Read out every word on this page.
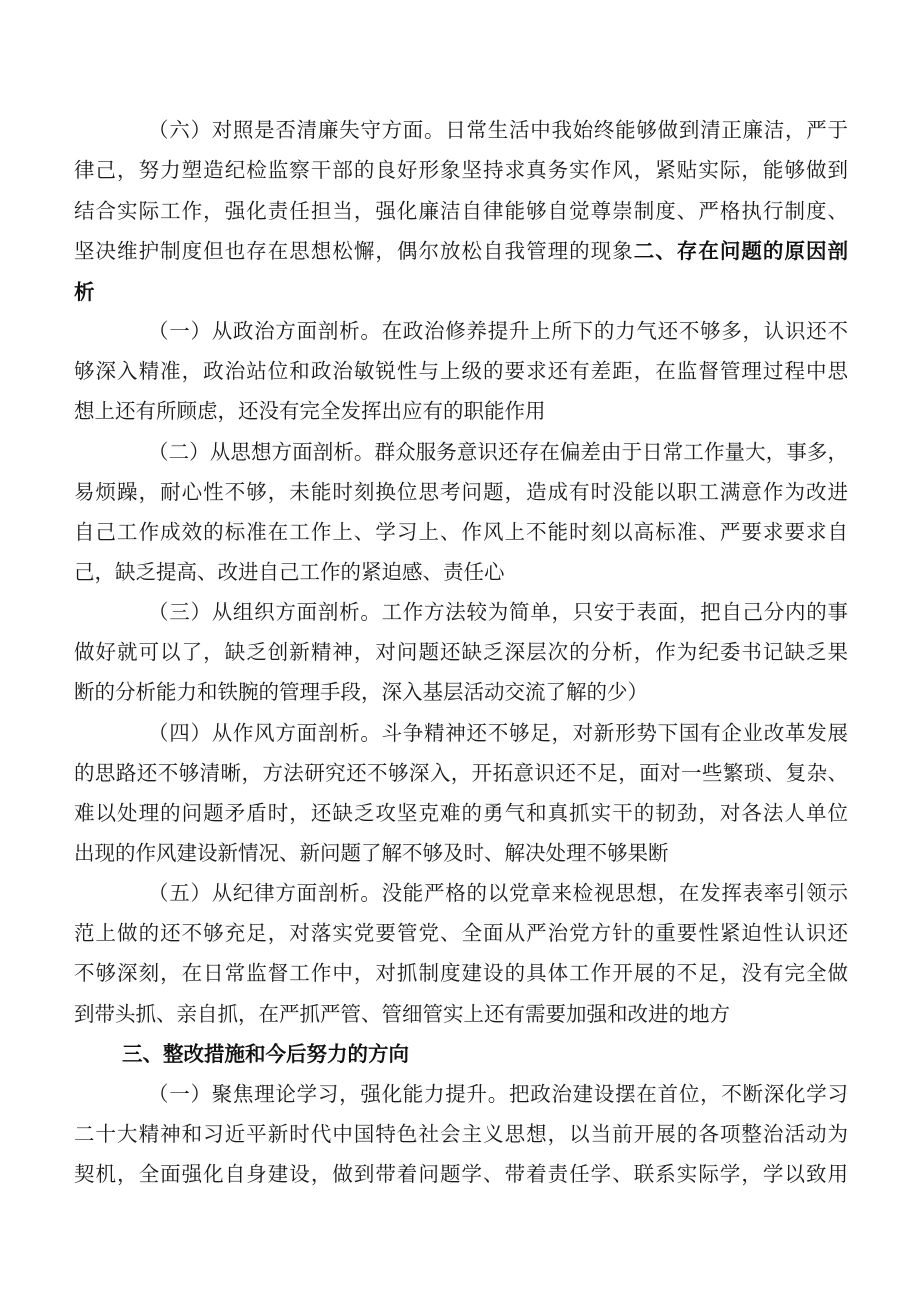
（六）对照是否清廉失守方面。日常生活中我始终能够做到清正廉洁，严于

律己，努力塑造纪检监察干部的良好形象坚持求真务实作风，紧贴实际，能够做到

结合实际工作，强化责任担当，强化廉洁自律能够自觉尊崇制度、严格执行制度、

坚决维护制度但也存在思想松懈，偶尔放松自我管理的现象二、存在问题的原因剖

析

（一）从政治方面剖析。在政治修养提升上所下的力气还不够多，认识还不

够深入精准，政治站位和政治敏锐性与上级的要求还有差距，在监督管理过程中思

想上还有所顾虑，还没有完全发挥出应有的职能作用

（二）从思想方面剖析。群众服务意识还存在偏差由于日常工作量大，事多，

易烦躁，耐心性不够，未能时刻换位思考问题，造成有时没能以职工满意作为改进

自己工作成效的标准在工作上、学习上、作风上不能时刻以高标准、严要求要求自

己，缺乏提高、改进自己工作的紧迫感、责任心

（三）从组织方面剖析。工作方法较为简单，只安于表面，把自己分内的事

做好就可以了，缺乏创新精神，对问题还缺乏深层次的分析，作为纪委书记缺乏果

断的分析能力和铁腕的管理手段，深入基层活动交流了解的少）

（四）从作风方面剖析。斗争精神还不够足，对新形势下国有企业改革发展

的思路还不够清晰，方法研究还不够深入，开拓意识还不足，面对一些繁琐、复杂、

难以处理的问题矛盾时，还缺乏攻坚克难的勇气和真抓实干的韧劲，对各法人单位

出现的作风建设新情况、新问题了解不够及时、解决处理不够果断

（五）从纪律方面剖析。没能严格的以党章来检视思想，在发挥表率引领示

范上做的还不够充足，对落实党要管党、全面从严治党方针的重要性紧迫性认识还

不够深刻，在日常监督工作中，对抓制度建设的具体工作开展的不足，没有完全做

到带头抓、亲自抓，在严抓严管、管细管实上还有需要加强和改进的地方

三、整改措施和今后努力的方向

（一）聚焦理论学习，强化能力提升。把政治建设摆在首位，不断深化学习

二十大精神和习近平新时代中国特色社会主义思想，以当前开展的各项整治活动为

契机，全面强化自身建设，做到带着问题学、带着责任学、联系实际学，学以致用
